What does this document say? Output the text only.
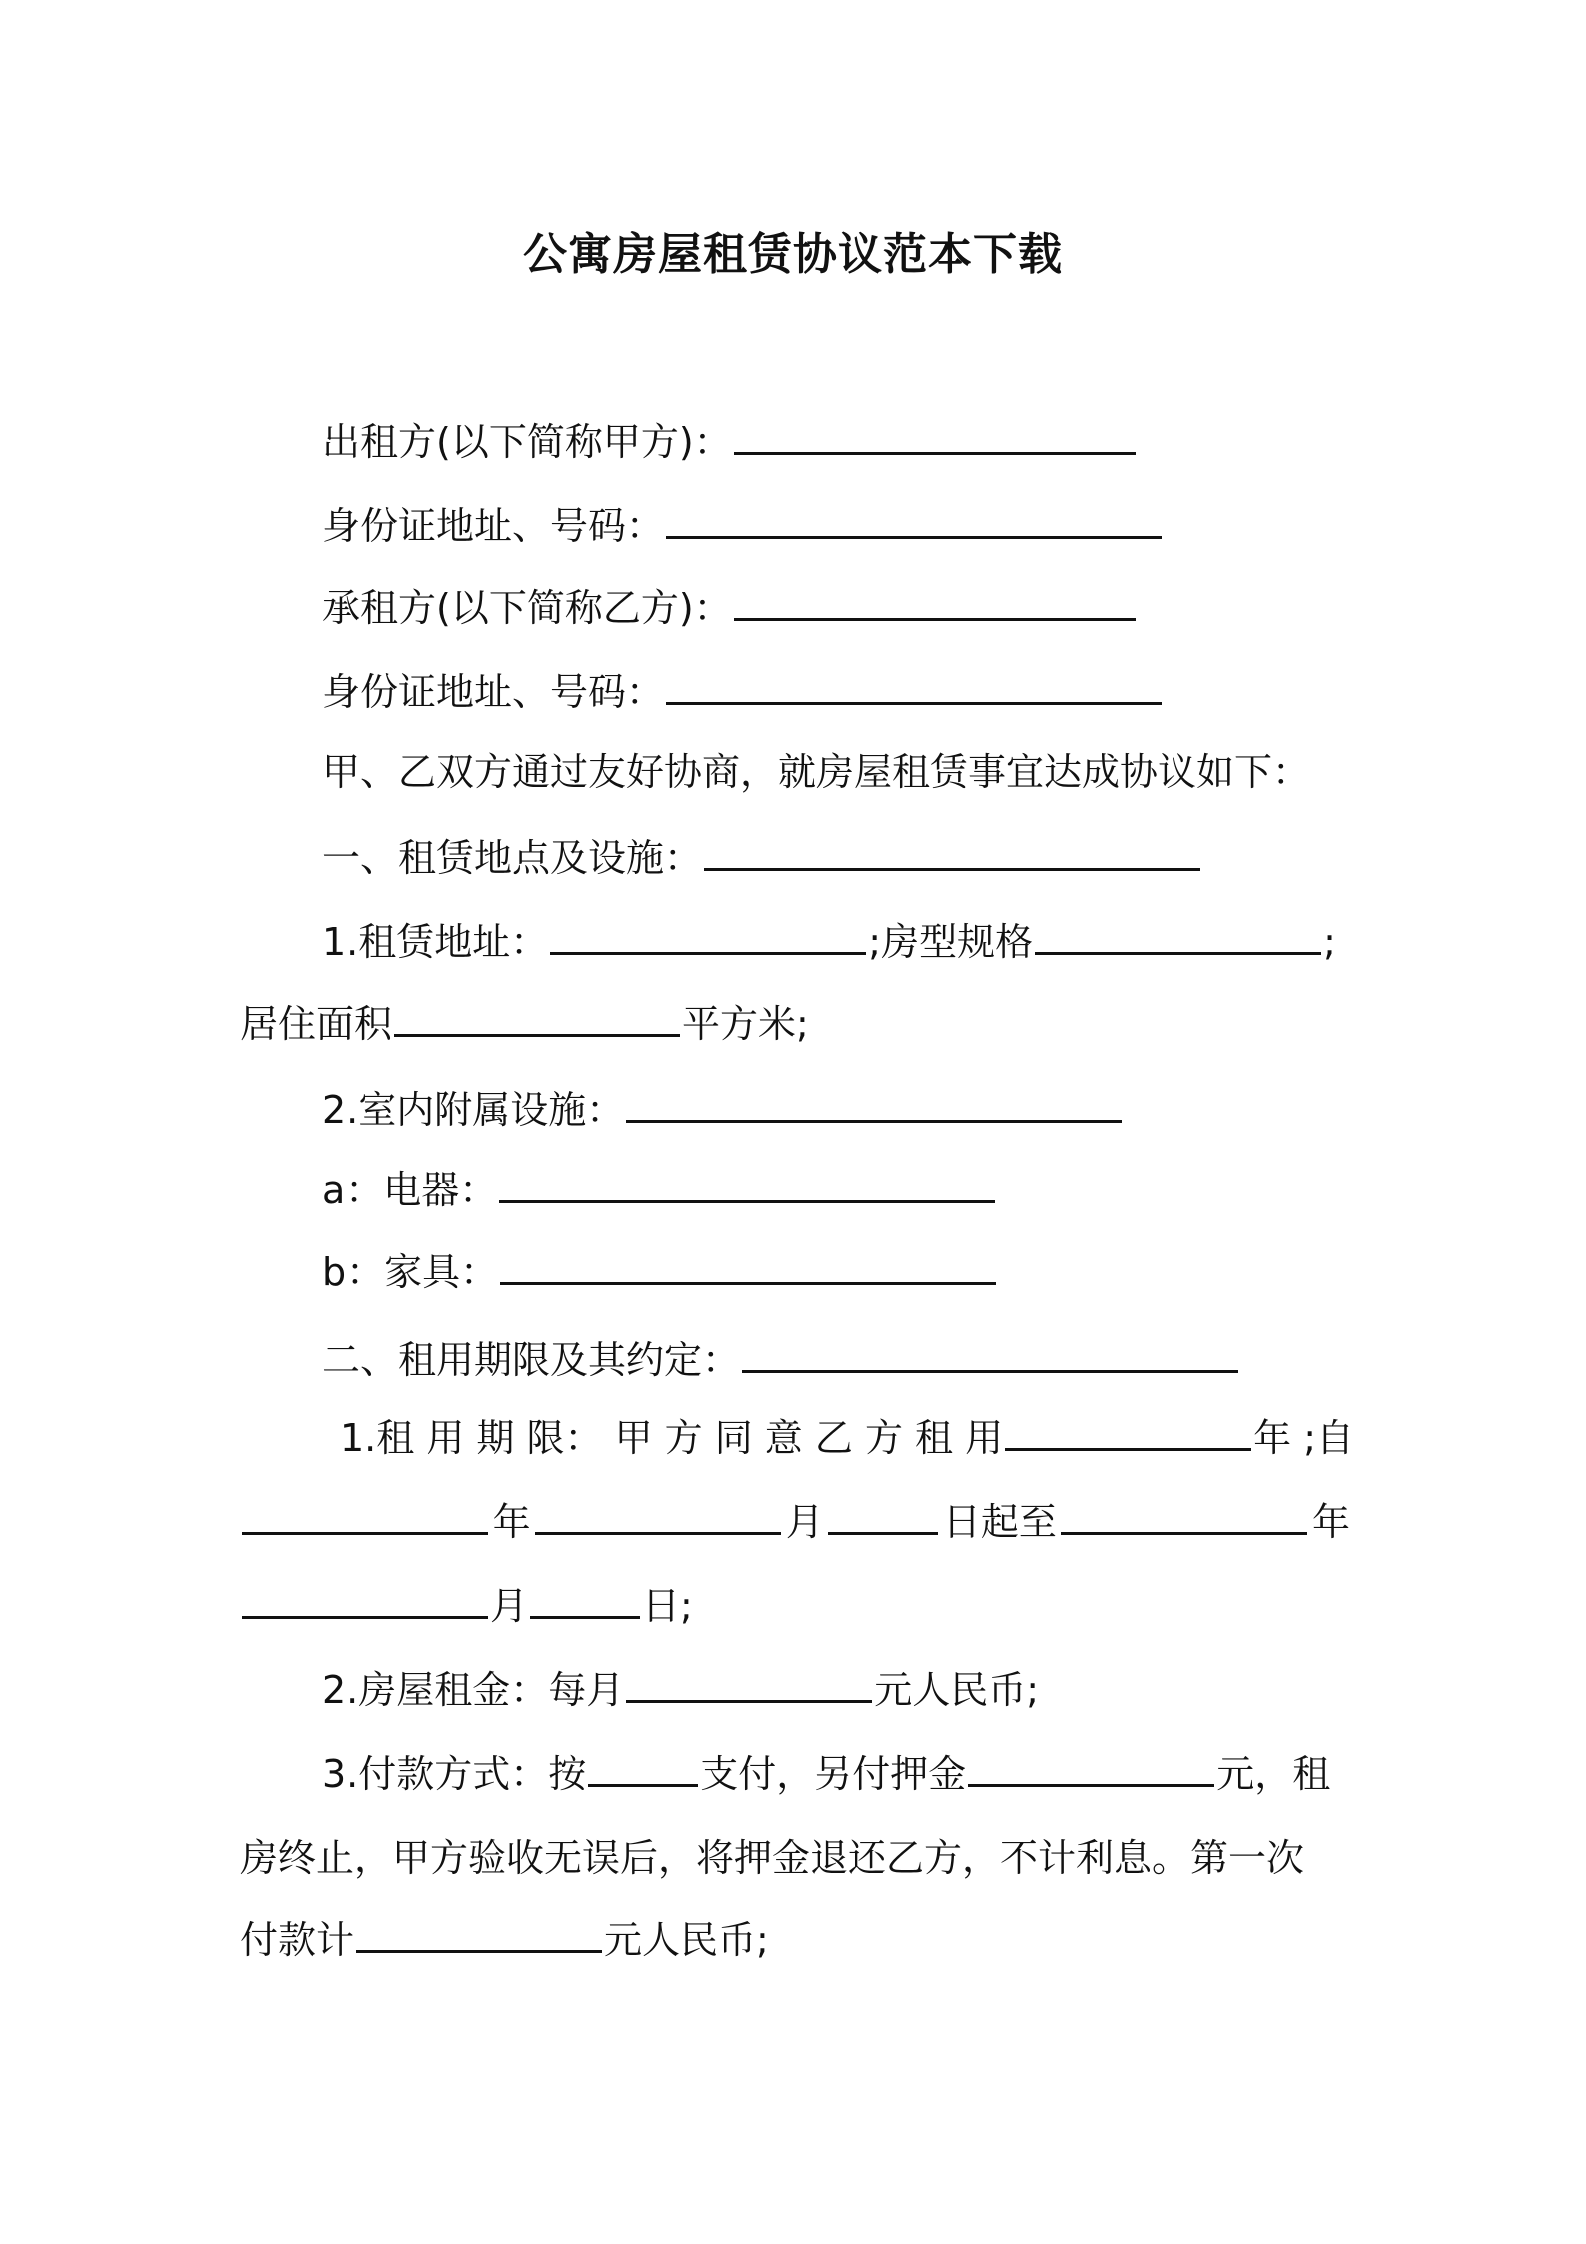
公寓房屋租赁协议范本下载
出租方(以下简称甲方)：
身份证地址、号码：
承租方(以下简称乙方)：
身份证地址、号码：
甲、乙双方通过友好协商，就房屋租赁事宜达成协议如下：
一、租赁地点及设施：
1.租赁地址：	;房型规格	;
居住面积	平方米;
2.室内附属设施：
a：电器：
b：家具：
二、租用期限及其约定：
1.租 用 期 限： 甲 方 同 意 乙 方 租 用	年 ;自
年	月	日起至	年
月	日;
2.房屋租金：每月	元人民币;
3.付款方式：按	支付，另付押金	元，租
房终止，甲方验收无误后，将押金退还乙方，不计利息。第一次
付款计	元人民币;
